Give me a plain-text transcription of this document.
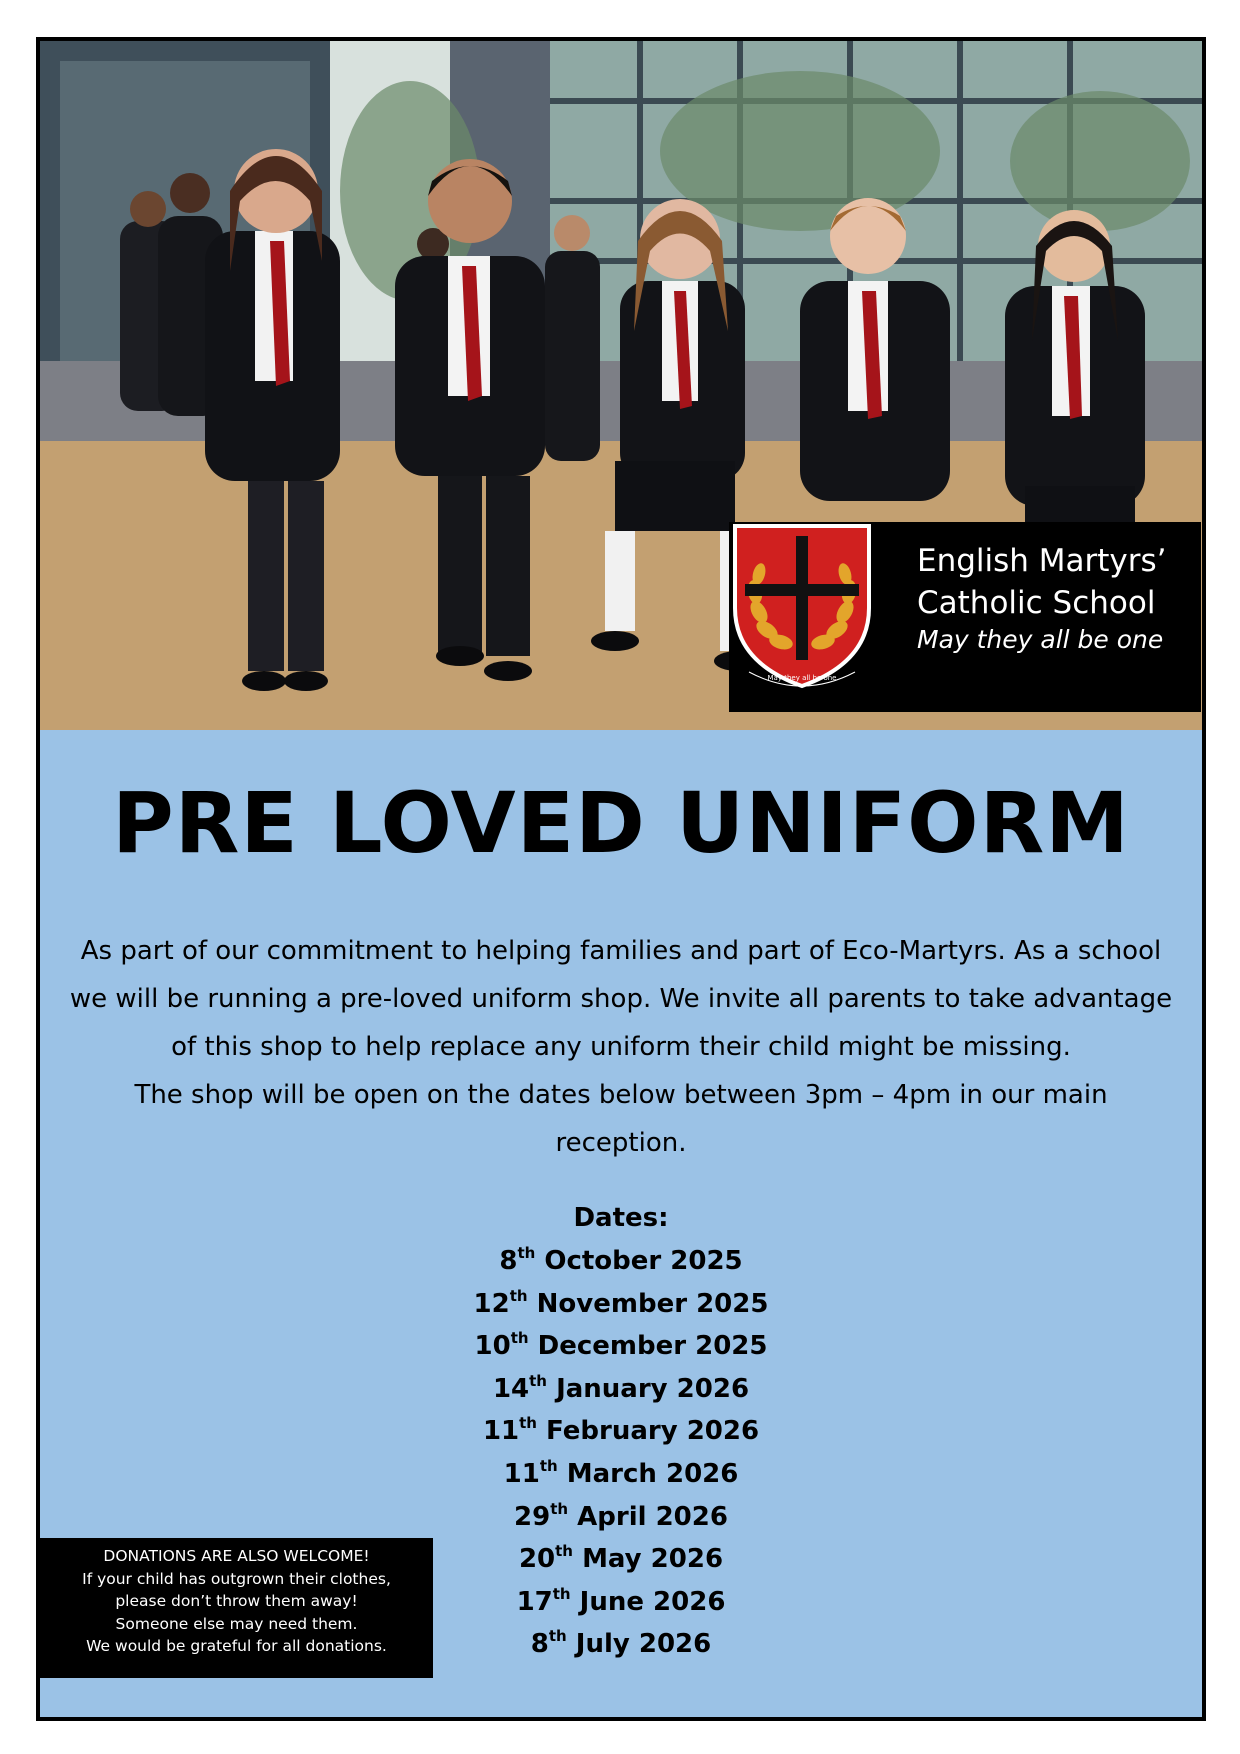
May they all be one
English Martyrs’
Catholic School
May they all be one
PRE LOVED UNIFORM
As part of our commitment to helping families and part of Eco-Martyrs. As a school
we will be running a pre-loved uniform shop. We invite all parents to take advantage
of this shop to help replace any uniform their child might be missing.
The shop will be open on the dates below between 3pm – 4pm in our main
reception.
Dates:
8th October 2025
12th November 2025
10th December 2025
14th January 2026
11th February 2026
11th March 2026
29th April 2026
20th May 2026
17th June 2026
8th July 2026
DONATIONS ARE ALSO WELCOME!
If your child has outgrown their clothes,
please don’t throw them away!
Someone else may need them.
We would be grateful for all donations.
